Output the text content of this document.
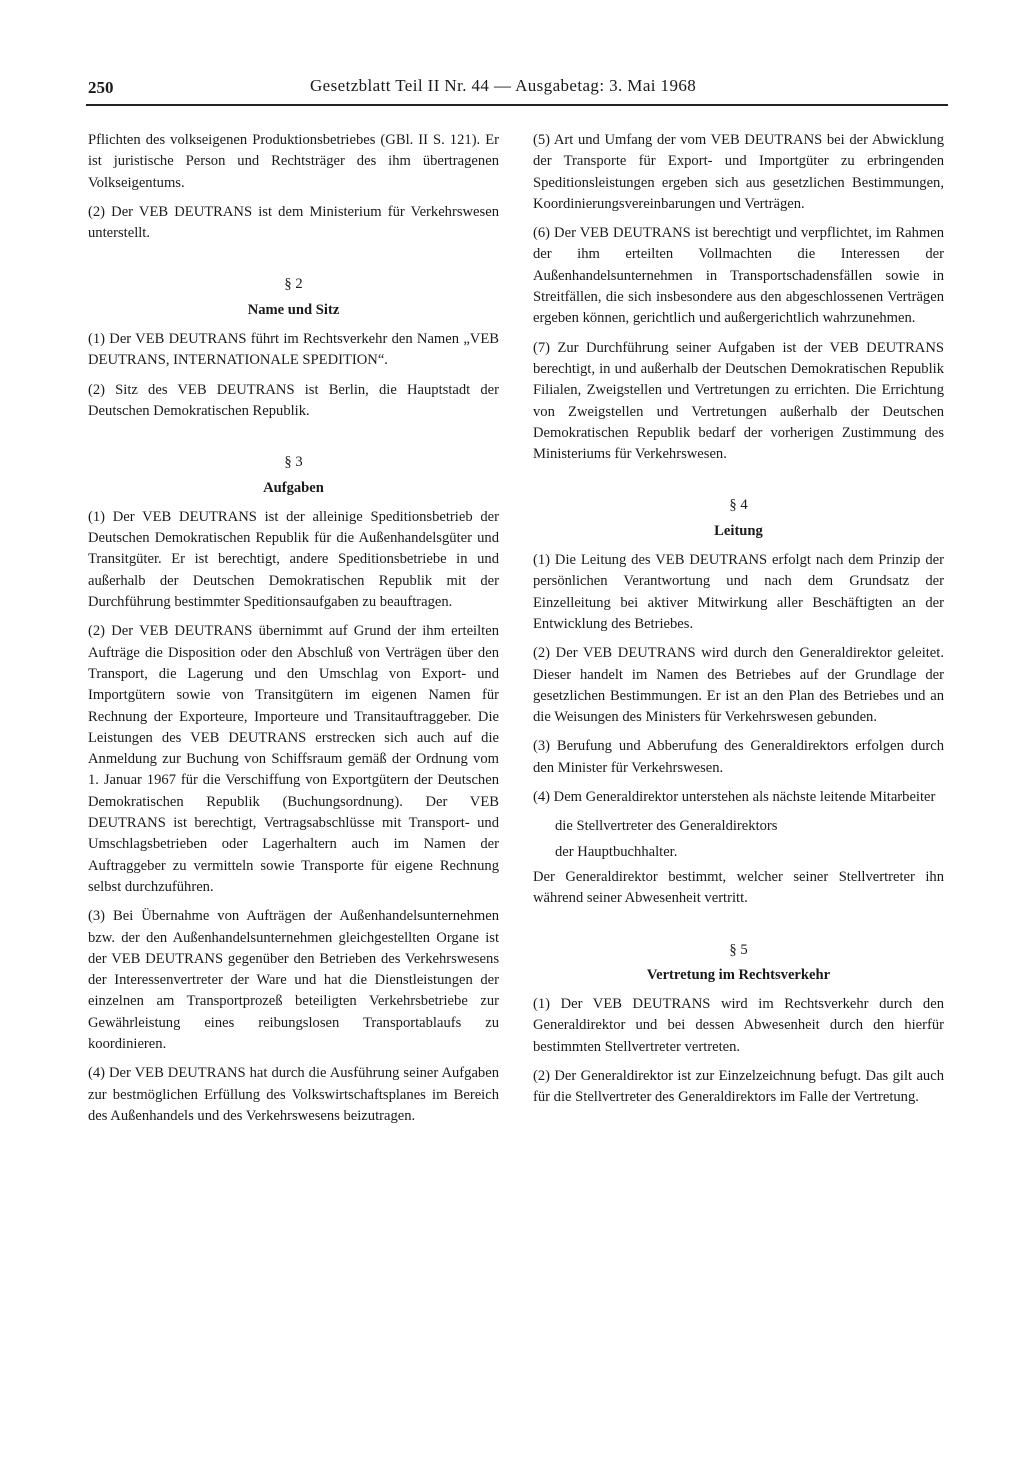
250	Gesetzblatt Teil II Nr. 44 — Ausgabetag: 3. Mai 1968

Pflichten des volkseigenen Produktionsbetriebes (GBl. II S. 121). Er ist juristische Person und Rechtsträger des ihm übertragenen Volkseigentums.

(2) Der VEB DEUTRANS ist dem Ministerium für Verkehrswesen unterstellt.

§ 2
Name und Sitz

(1) Der VEB DEUTRANS führt im Rechtsverkehr den Namen „VEB DEUTRANS, INTERNATIONALE SPEDITION“.

(2) Sitz des VEB DEUTRANS ist Berlin, die Hauptstadt der Deutschen Demokratischen Republik.

§ 3
Aufgaben

(1) Der VEB DEUTRANS ist der alleinige Speditionsbetrieb der Deutschen Demokratischen Republik für die Außenhandelsgüter und Transitgüter. Er ist berechtigt, andere Speditionsbetriebe in und außerhalb der Deutschen Demokratischen Republik mit der Durchführung bestimmter Speditionsaufgaben zu beauftragen.

(2) Der VEB DEUTRANS übernimmt auf Grund der ihm erteilten Aufträge die Disposition oder den Abschluß von Verträgen über den Transport, die Lagerung und den Umschlag von Export- und Importgütern sowie von Transitgütern im eigenen Namen für Rechnung der Exporteure, Importeure und Transitauftraggeber. Die Leistungen des VEB DEUTRANS erstrecken sich auch auf die Anmeldung zur Buchung von Schiffsraum gemäß der Ordnung vom 1. Januar 1967 für die Verschiffung von Exportgütern der Deutschen Demokratischen Republik (Buchungsordnung). Der VEB DEUTRANS ist berechtigt, Vertragsabschlüsse mit Transport- und Umschlagsbetrieben oder Lagerhaltern auch im Namen der Auftraggeber zu vermitteln sowie Transporte für eigene Rechnung selbst durchzuführen.

(3) Bei Übernahme von Aufträgen der Außenhandelsunternehmen bzw. der den Außenhandelsunternehmen gleichgestellten Organe ist der VEB DEUTRANS gegenüber den Betrieben des Verkehrswesens der Interessenvertreter der Ware und hat die Dienstleistungen der einzelnen am Transportprozeß beteiligten Verkehrsbetriebe zur Gewährleistung eines reibungslosen Transportablaufs zu koordinieren.

(4) Der VEB DEUTRANS hat durch die Ausführung seiner Aufgaben zur bestmöglichen Erfüllung des Volkswirtschaftsplanes im Bereich des Außenhandels und des Verkehrswesens beizutragen.

(5) Art und Umfang der vom VEB DEUTRANS bei der Abwicklung der Transporte für Export- und Importgüter zu erbringenden Speditionsleistungen ergeben sich aus gesetzlichen Bestimmungen, Koordinierungsvereinbarungen und Verträgen.

(6) Der VEB DEUTRANS ist berechtigt und verpflichtet, im Rahmen der ihm erteilten Vollmachten die Interessen der Außenhandelsunternehmen in Transportschadensfällen sowie in Streitfällen, die sich insbesondere aus den abgeschlossenen Verträgen ergeben können, gerichtlich und außergerichtlich wahrzunehmen.

(7) Zur Durchführung seiner Aufgaben ist der VEB DEUTRANS berechtigt, in und außerhalb der Deutschen Demokratischen Republik Filialen, Zweigstellen und Vertretungen zu errichten. Die Errichtung von Zweigstellen und Vertretungen außerhalb der Deutschen Demokratischen Republik bedarf der vorherigen Zustimmung des Ministeriums für Verkehrswesen.

§ 4
Leitung

(1) Die Leitung des VEB DEUTRANS erfolgt nach dem Prinzip der persönlichen Verantwortung und nach dem Grundsatz der Einzelleitung bei aktiver Mitwirkung aller Beschäftigten an der Entwicklung des Betriebes.

(2) Der VEB DEUTRANS wird durch den Generaldirektor geleitet. Dieser handelt im Namen des Betriebes auf der Grundlage der gesetzlichen Bestimmungen. Er ist an den Plan des Betriebes und an die Weisungen des Ministers für Verkehrswesen gebunden.

(3) Berufung und Abberufung des Generaldirektors erfolgen durch den Minister für Verkehrswesen.

(4) Dem Generaldirektor unterstehen als nächste leitende Mitarbeiter

die Stellvertreter des Generaldirektors
der Hauptbuchhalter.

Der Generaldirektor bestimmt, welcher seiner Stellvertreter ihn während seiner Abwesenheit vertritt.

§ 5
Vertretung im Rechtsverkehr

(1) Der VEB DEUTRANS wird im Rechtsverkehr durch den Generaldirektor und bei dessen Abwesenheit durch den hierfür bestimmten Stellvertreter vertreten.

(2) Der Generaldirektor ist zur Einzelzeichnung befugt. Das gilt auch für die Stellvertreter des Generaldirektors im Falle der Vertretung.
